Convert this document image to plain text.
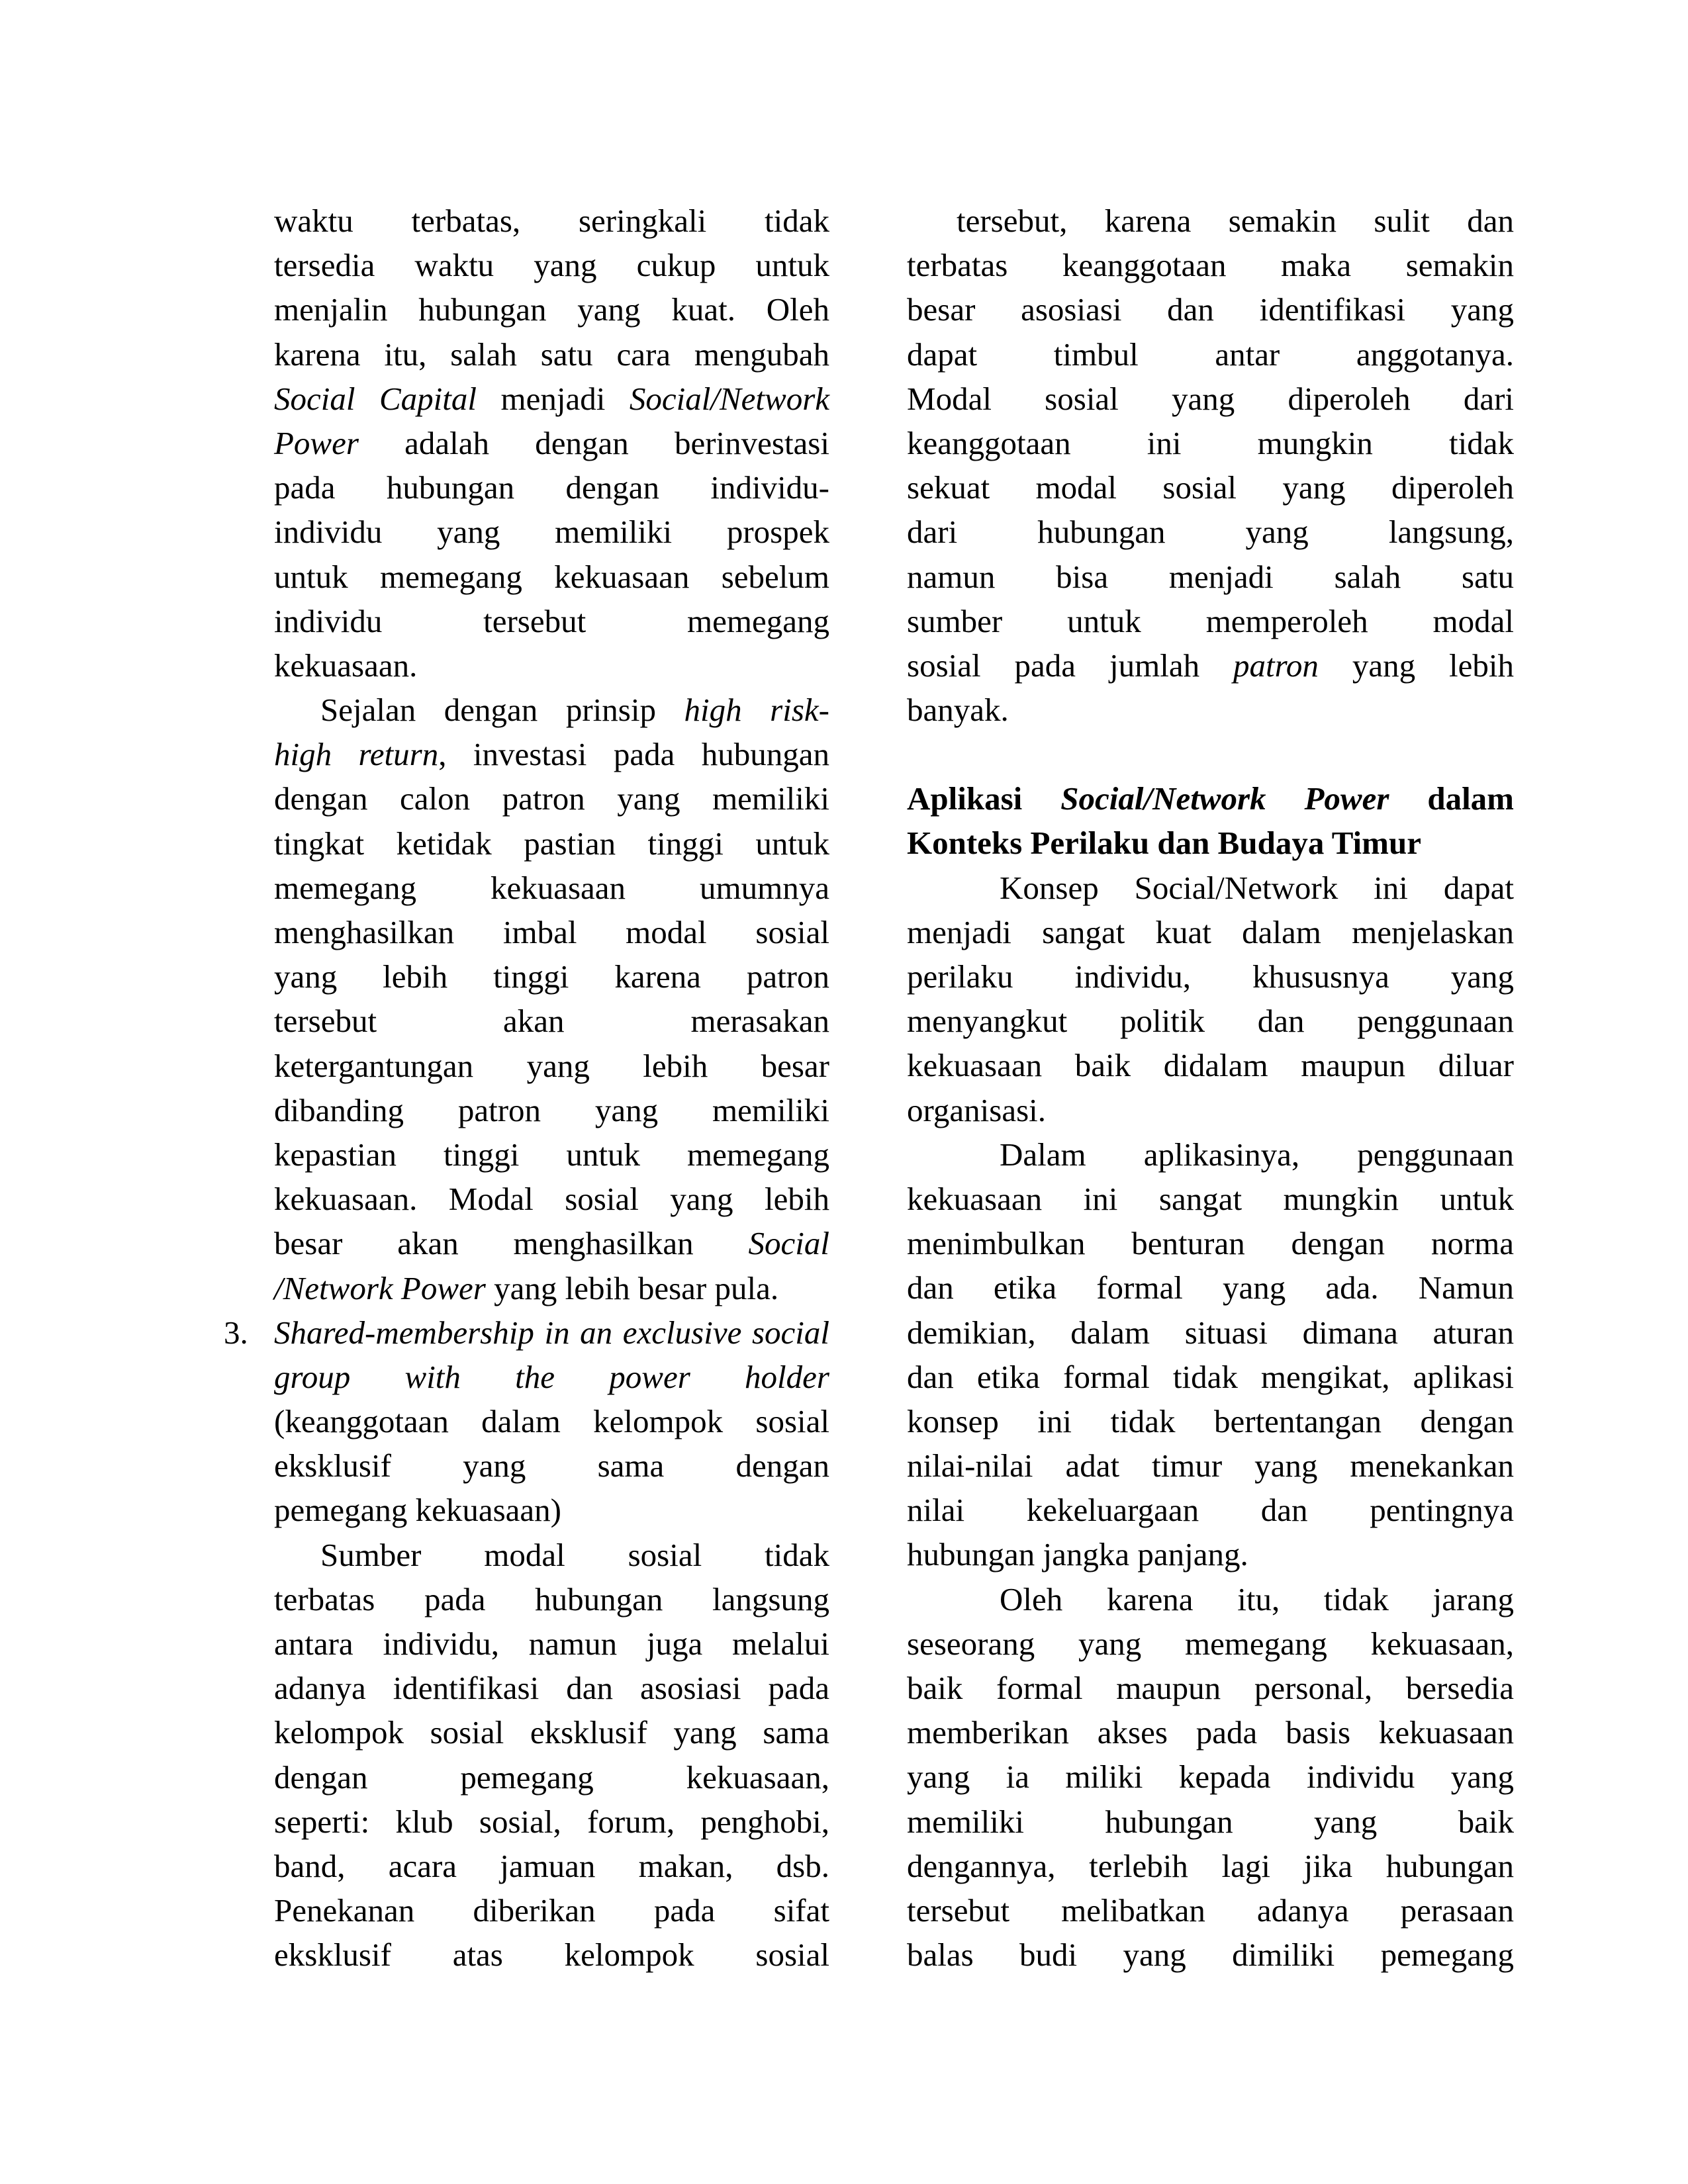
waktu terbatas, seringkali tidak
tersedia waktu yang cukup untuk
menjalin hubungan yang kuat. Oleh
karena itu, salah satu cara mengubah
Social Capital menjadi Social/Network
Power adalah dengan berinvestasi
pada hubungan dengan individu-
individu yang memiliki prospek
untuk memegang kekuasaan sebelum
individu tersebut memegang
kekuasaan.
Sejalan dengan prinsip high risk-
high return, investasi pada hubungan
dengan calon patron yang memiliki
tingkat ketidak pastian tinggi untuk
memegang kekuasaan umumnya
menghasilkan imbal modal sosial
yang lebih tinggi karena patron
tersebut akan merasakan
ketergantungan yang lebih besar
dibanding patron yang memiliki
kepastian tinggi untuk memegang
kekuasaan. Modal sosial yang lebih
besar akan menghasilkan Social
/Network Power yang lebih besar pula.
3. Shared-membership in an exclusive social
group with the power holder
(keanggotaan dalam kelompok sosial
eksklusif yang sama dengan
pemegang kekuasaan)
Sumber modal sosial tidak
terbatas pada hubungan langsung
antara individu, namun juga melalui
adanya identifikasi dan asosiasi pada
kelompok sosial eksklusif yang sama
dengan pemegang kekuasaan,
seperti: klub sosial, forum, penghobi,
band, acara jamuan makan, dsb.
Penekanan diberikan pada sifat
eksklusif atas kelompok sosial
tersebut, karena semakin sulit dan
terbatas keanggotaan maka semakin
besar asosiasi dan identifikasi yang
dapat timbul antar anggotanya.
Modal sosial yang diperoleh dari
keanggotaan ini mungkin tidak
sekuat modal sosial yang diperoleh
dari hubungan yang langsung,
namun bisa menjadi salah satu
sumber untuk memperoleh modal
sosial pada jumlah patron yang lebih
banyak.
Aplikasi Social/Network Power dalam
Konteks Perilaku dan Budaya Timur
Konsep Social/Network ini dapat
menjadi sangat kuat dalam menjelaskan
perilaku individu, khususnya yang
menyangkut politik dan penggunaan
kekuasaan baik didalam maupun diluar
organisasi.
Dalam aplikasinya, penggunaan
kekuasaan ini sangat mungkin untuk
menimbulkan benturan dengan norma
dan etika formal yang ada. Namun
demikian, dalam situasi dimana aturan
dan etika formal tidak mengikat, aplikasi
konsep ini tidak bertentangan dengan
nilai-nilai adat timur yang menekankan
nilai kekeluargaan dan pentingnya
hubungan jangka panjang.
Oleh karena itu, tidak jarang
seseorang yang memegang kekuasaan,
baik formal maupun personal, bersedia
memberikan akses pada basis kekuasaan
yang ia miliki kepada individu yang
memiliki hubungan yang baik
dengannya, terlebih lagi jika hubungan
tersebut melibatkan adanya perasaan
balas budi yang dimiliki pemegang
